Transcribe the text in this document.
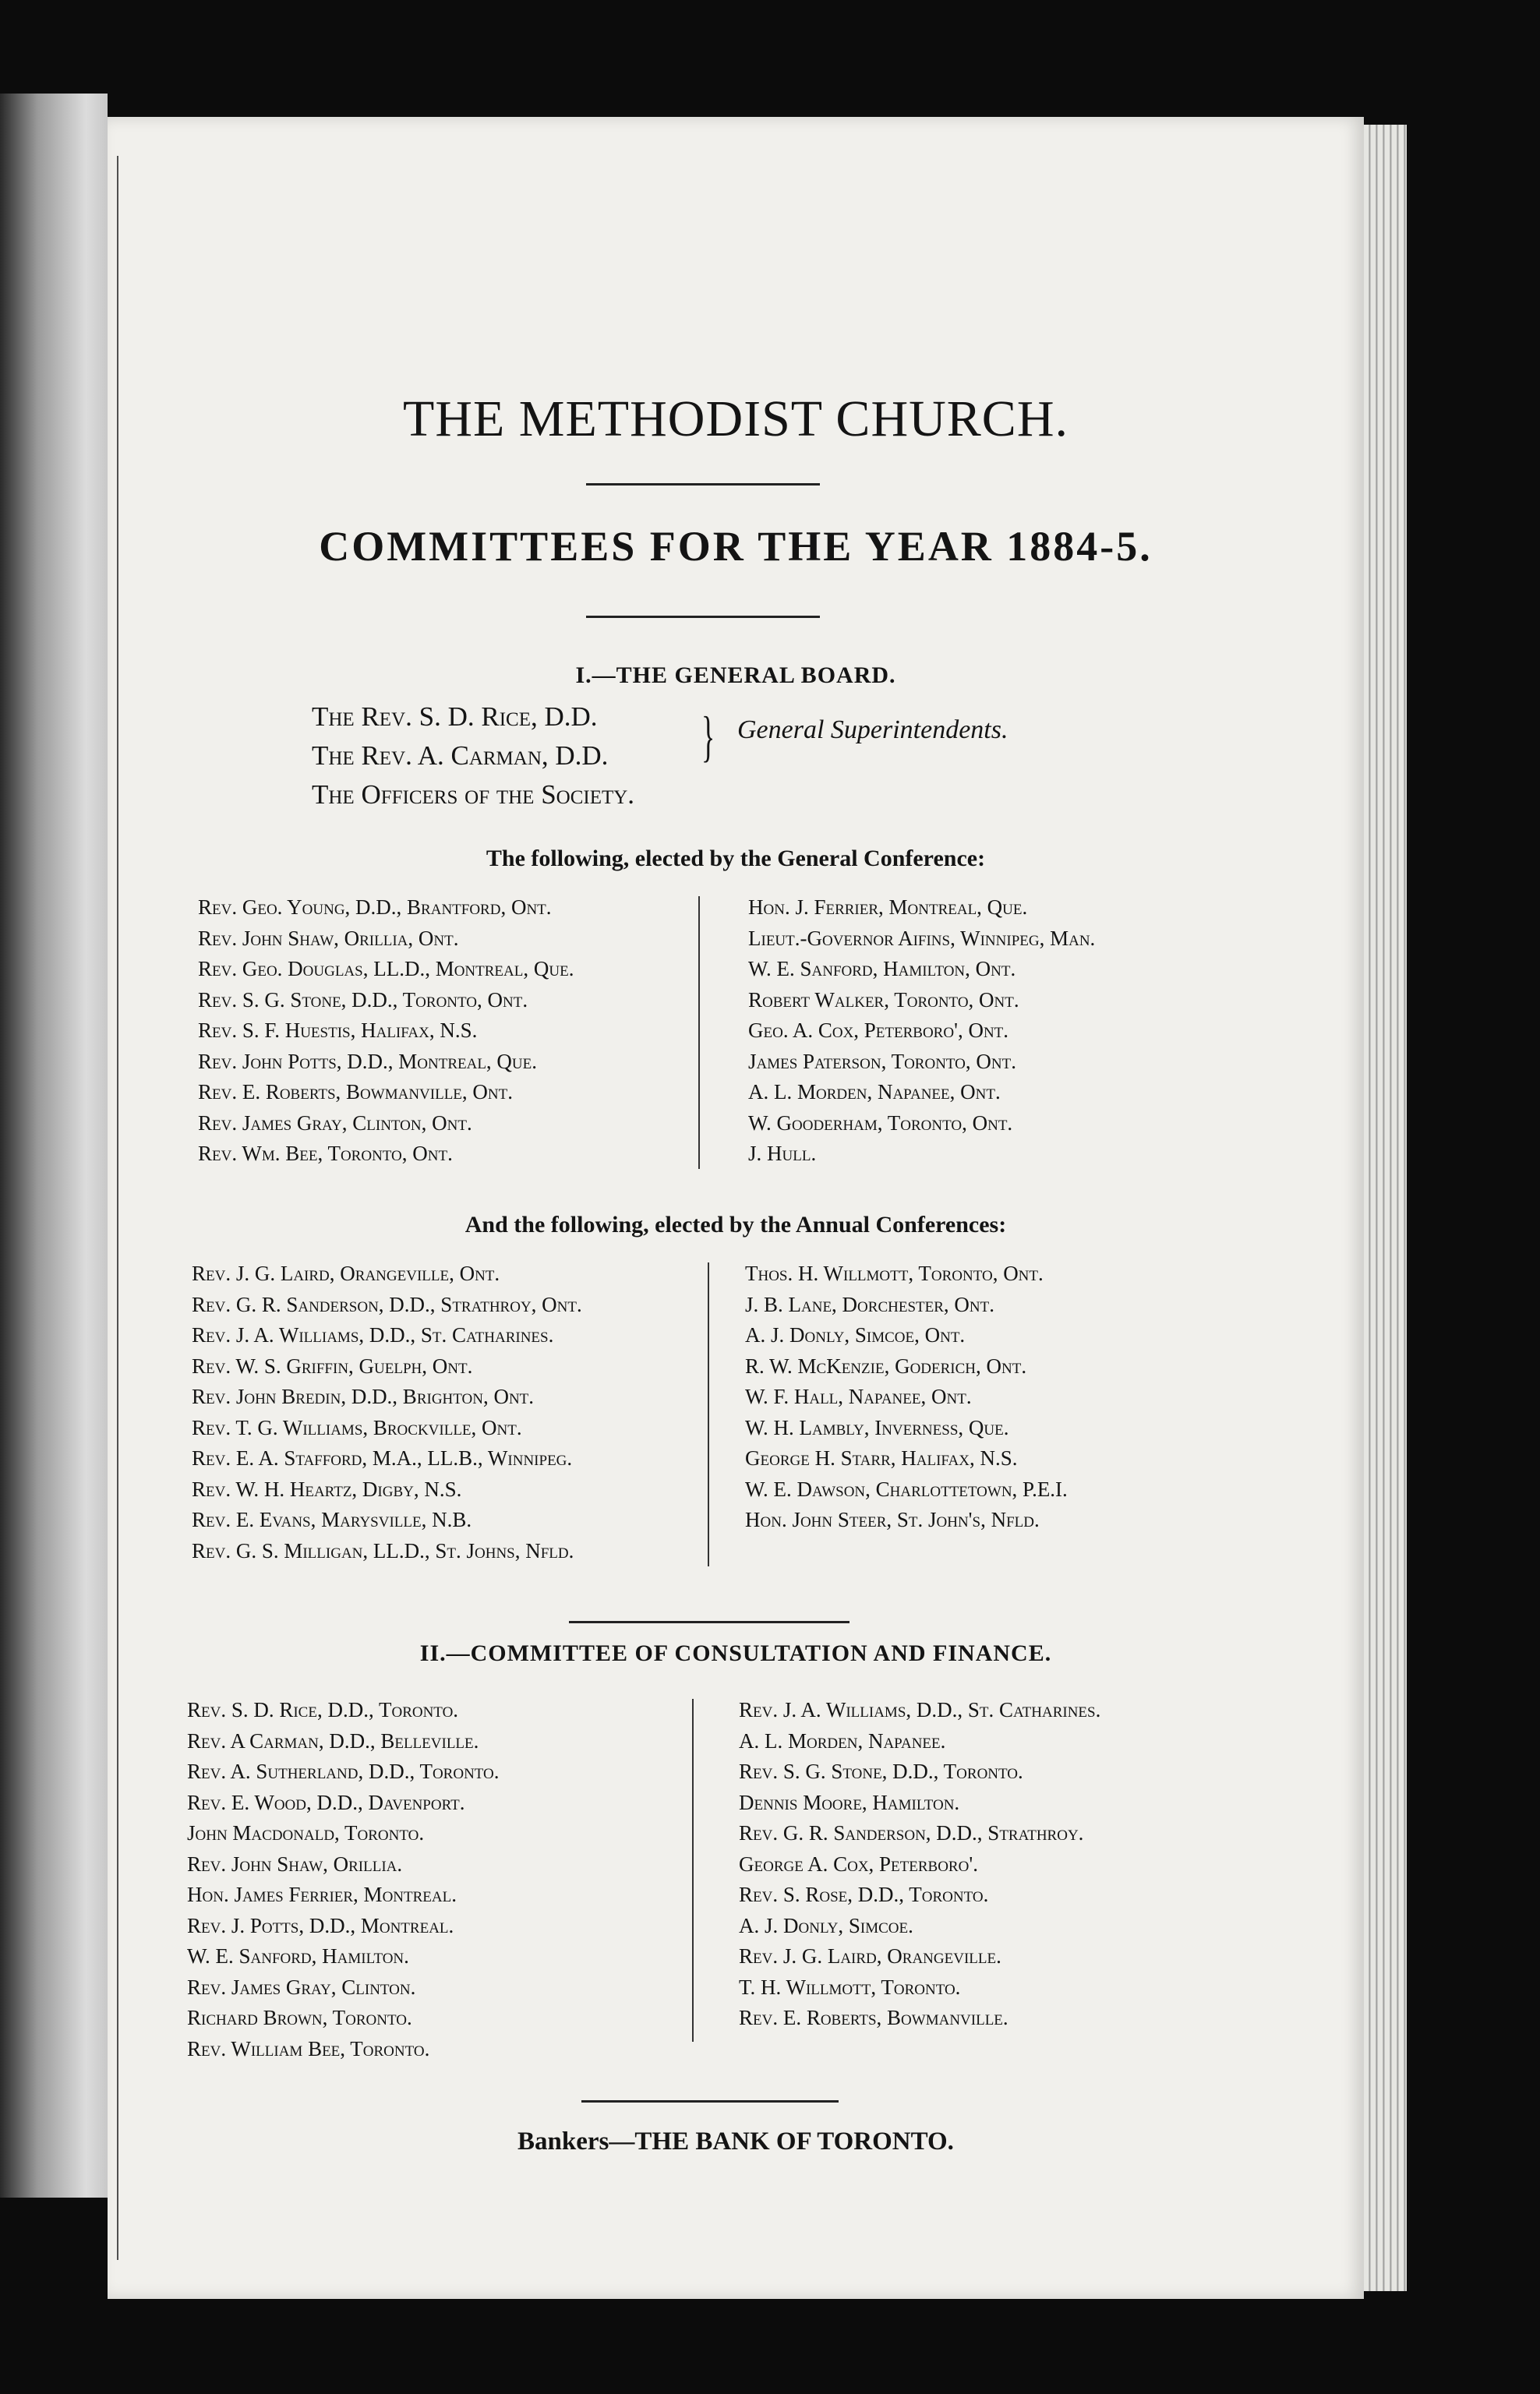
THE METHODIST CHURCH.
COMMITTEES FOR THE YEAR 1884-5.
I.—THE GENERAL BOARD.
The Rev. S. D. Rice, D.D.
The Rev. A. Carman, D.D.
The Officers of the Society.
} General Superintendents.
The following, elected by the General Conference:
Rev. Geo. Young, D.D., Brantford, Ont.
Rev. John Shaw, Orillia, Ont.
Rev. Geo. Douglas, LL.D., Montreal, Que.
Rev. S. G. Stone, D.D., Toronto, Ont.
Rev. S. F. Huestis, Halifax, N.S.
Rev. John Potts, D.D., Montreal, Que.
Rev. E. Roberts, Bowmanville, Ont.
Rev. James Gray, Clinton, Ont.
Rev. Wm. Bee, Toronto, Ont.
Hon. J. Ferrier, Montreal, Que.
Lieut.-Governor Aifins, Winnipeg, Man.
W. E. Sanford, Hamilton, Ont.
Robert Walker, Toronto, Ont.
Geo. A. Cox, Peterboro', Ont.
James Paterson, Toronto, Ont.
A. L. Morden, Napanee, Ont.
W. Gooderham, Toronto, Ont.
J. Hull.
And the following, elected by the Annual Conferences:
Rev. J. G. Laird, Orangeville, Ont.
Rev. G. R. Sanderson, D.D., Strathroy, Ont.
Rev. J. A. Williams, D.D., St. Catharines.
Rev. W. S. Griffin, Guelph, Ont.
Rev. John Bredin, D.D., Brighton, Ont.
Rev. T. G. Williams, Brockville, Ont.
Rev. E. A. Stafford, M.A., LL.B., Winnipeg.
Rev. W. H. Heartz, Digby, N.S.
Rev. E. Evans, Marysville, N.B.
Rev. G. S. Milligan, LL.D., St. Johns, Nfld.
Thos. H. Willmott, Toronto, Ont.
J. B. Lane, Dorchester, Ont.
A. J. Donly, Simcoe, Ont.
R. W. McKenzie, Goderich, Ont.
W. F. Hall, Napanee, Ont.
W. H. Lambly, Inverness, Que.
George H. Starr, Halifax, N.S.
W. E. Dawson, Charlottetown, P.E.I.
Hon. John Steer, St. John's, Nfld.
II.—COMMITTEE OF CONSULTATION AND FINANCE.
Rev. S. D. Rice, D.D., Toronto.
Rev. A Carman, D.D., Belleville.
Rev. A. Sutherland, D.D., Toronto.
Rev. E. Wood, D.D., Davenport.
John Macdonald, Toronto.
Rev. John Shaw, Orillia.
Hon. James Ferrier, Montreal.
Rev. J. Potts, D.D., Montreal.
W. E. Sanford, Hamilton.
Rev. James Gray, Clinton.
Richard Brown, Toronto.
Rev. William Bee, Toronto.
Rev. J. A. Williams, D.D., St. Catharines.
A. L. Morden, Napanee.
Rev. S. G. Stone, D.D., Toronto.
Dennis Moore, Hamilton.
Rev. G. R. Sanderson, D.D., Strathroy.
George A. Cox, Peterboro'.
Rev. S. Rose, D.D., Toronto.
A. J. Donly, Simcoe.
Rev. J. G. Laird, Orangeville.
T. H. Willmott, Toronto.
Rev. E. Roberts, Bowmanville.
Bankers—THE BANK OF TORONTO.
